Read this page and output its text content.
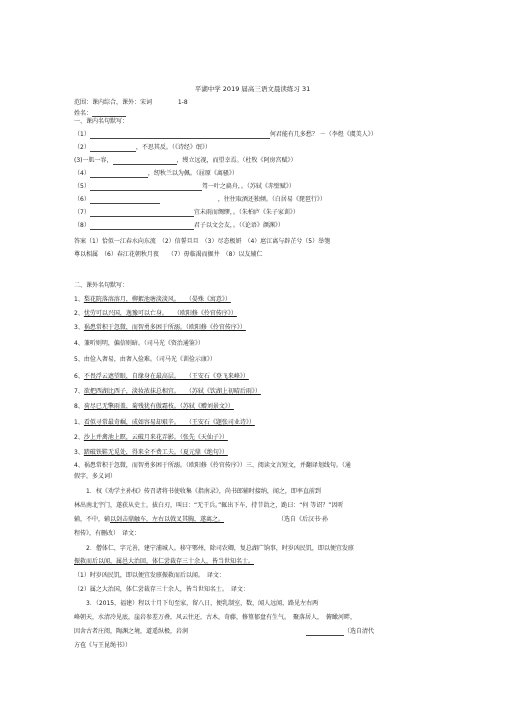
平湖中学 2019 届高三语文晨读练习 31
范围：课内综合，课外：宋词	1-8
姓名：
一、课内名句默写：
（1）	何君能有几多愁？ －（李煜《虞美人》）
（2）	，不思其反。（《诗经》氓》）
(3)一肌一容，	，缦立远视，而望幸焉。（杜牧《阿房宫赋》）
（4）	，纫秋兰以为佩。（屈原《离骚》）
（5）	驾一叶之扁舟，。（苏轼《赤壁赋》）
（6）	，往往取酒还独倾。（白居易《琵琶行》）
（7）	宜未雨而绸缪，。（朱柏庐《朱子家训》）
（8）	君子以文会友，。（《论语》颜渊》）
答案（1）恰似一江春水向东流　（2）信誓旦旦　（3）尽态极妍　（4）扈江离与辟芷兮（5）举匏
尊以相属　（6）春江花朝秋月夜　　（7）毋临渴而掘井　（8）以友辅仁
二、课外名句默写：
1、梨花院落溶溶月，柳絮池塘淡淡风。　　（晏殊《寓意》）
2、忧劳可以兴国，逸豫可以亡身。　　（欧阳修《伶官传序》）
3、祸患常积于忽微，而智勇多困于所溺。（欧阳修《伶官传序》）
4、兼听则明，偏信则暗。（司马光《资治通鉴》）
5、由俭入奢易，由奢入俭难。（司马光《训俭示康》）
6、不畏浮云遮望眼，自缘身在最高层。　　（王安石《登飞来峰》）
7、欲把西湖比西子，淡妆浓抹总相宜。　　（苏轼《饮湖上初晴后雨》）
8、荷尽已无擎雨盖，菊残犹有傲霜枝。（苏轼《赠刘景文》）
1、看似寻常最奇崛，成如容易却艰辛。　　（王安石《题张司业诗》）
2、沙上并禽池上瞑，云破月来花弄影。（张先《天仙子》）
3、踏破铁鞋无觅处，得来全不费工夫。（夏元鼎《绝句》）
4、祸患常积于忽微，而智勇多困于所溺。（欧阳修《伶官传序》）三、阅读文言短文，并翻译划线句。（通
假字，多义词）
1．权《劝学主孙权》传召诸将书使收集《指南录》，尚书郎辅时接纳，闻之，即率直前到
林出南北宇门，遂获从史士，拔白刃，叫曰：“无干兵。”辄出下车，持节诣之，跪曰：“何 等诏？”因听
辅，不中，辅以剑击鼎触车，左右以戟叉其胸，遂离之。	（选自《后汉书·孙
程传》，有删改）　译文：
2．僧体仁，字元善，建宁浦城人。移守鄂州，除司农卿，复总湖广饷事，时岁凶民饥，即以便宜发廪
振救而后以闻，属邑大治回，体仁尝裁存三十余人，皆当世知名士。
（1）时岁凶民饥，即以便宜发廪振救而后以闻。　译文：
（2）属之大治国，体仁尝裁存三十余人，皆当世知名士。　译文：
3．（2015，福建）程以十月下旬至家，留八日，便乳制室，数，闻人远闻，路见左右两
峰朝天，水清冷见底，崖岩参差万叠，风云往还，古木，奇藤，修篁郁盘有生气。　聚落居人，　俯瞰河畔，
因舍古者庄阅，陶渊之境，道遥纵极，岩润	（选自清代
方苞《与王昆绳书》）
